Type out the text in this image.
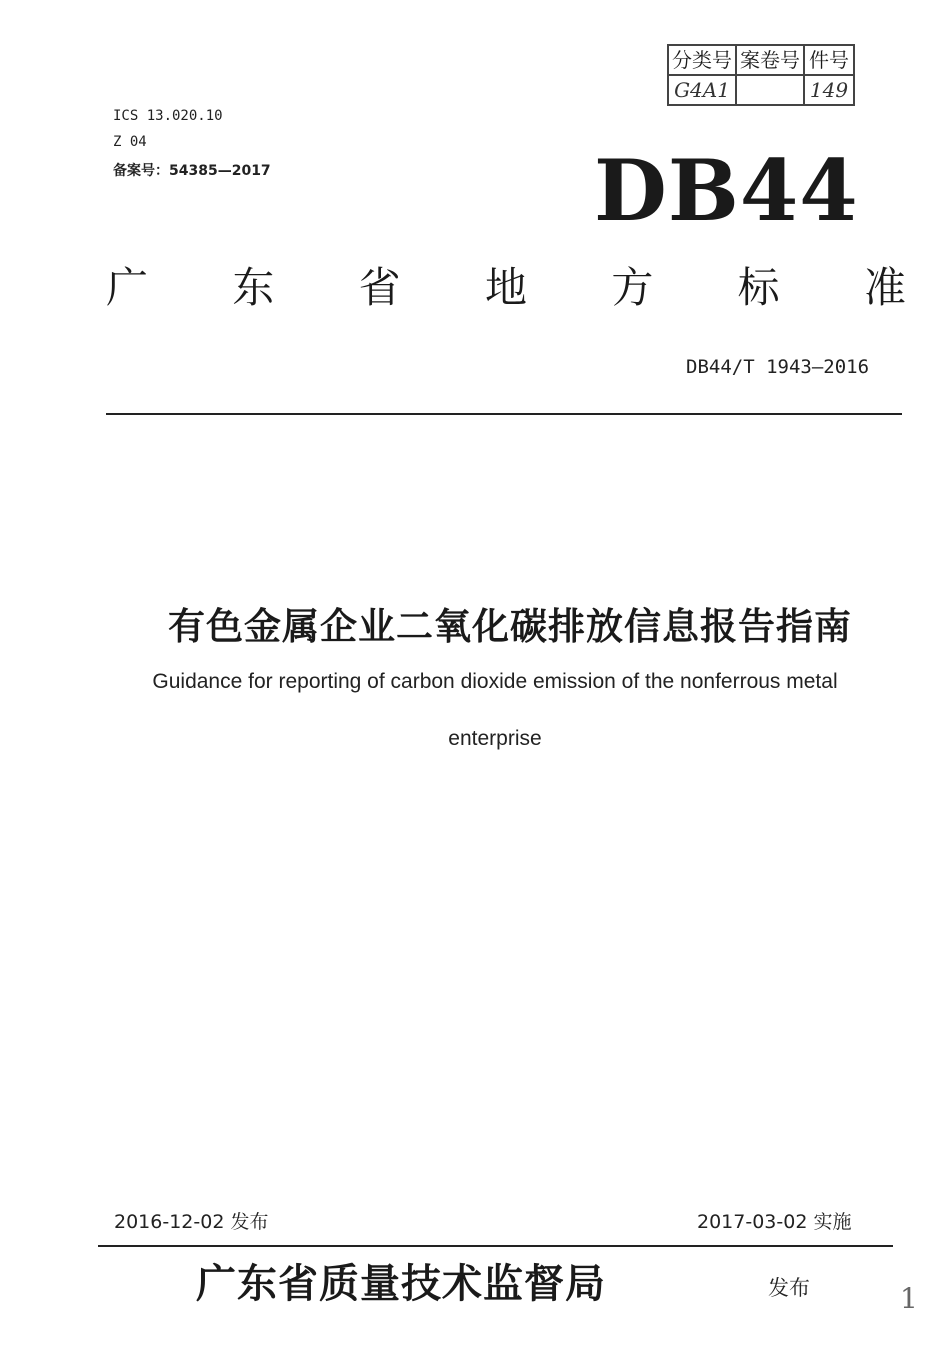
分类号	案卷号	件号
G4A1		149
ICS 13.020.10
Z 04
备案号：54385—2017	DB44
广 东 省 地 方 标 准
DB44/T 1943—2016
有色金属企业二氧化碳排放信息报告指南
Guidance for reporting of carbon dioxide emission of the nonferrous metal
enterprise
2016-12-02 发布	2017-03-02 实施
广东省质量技术监督局	发布	1
